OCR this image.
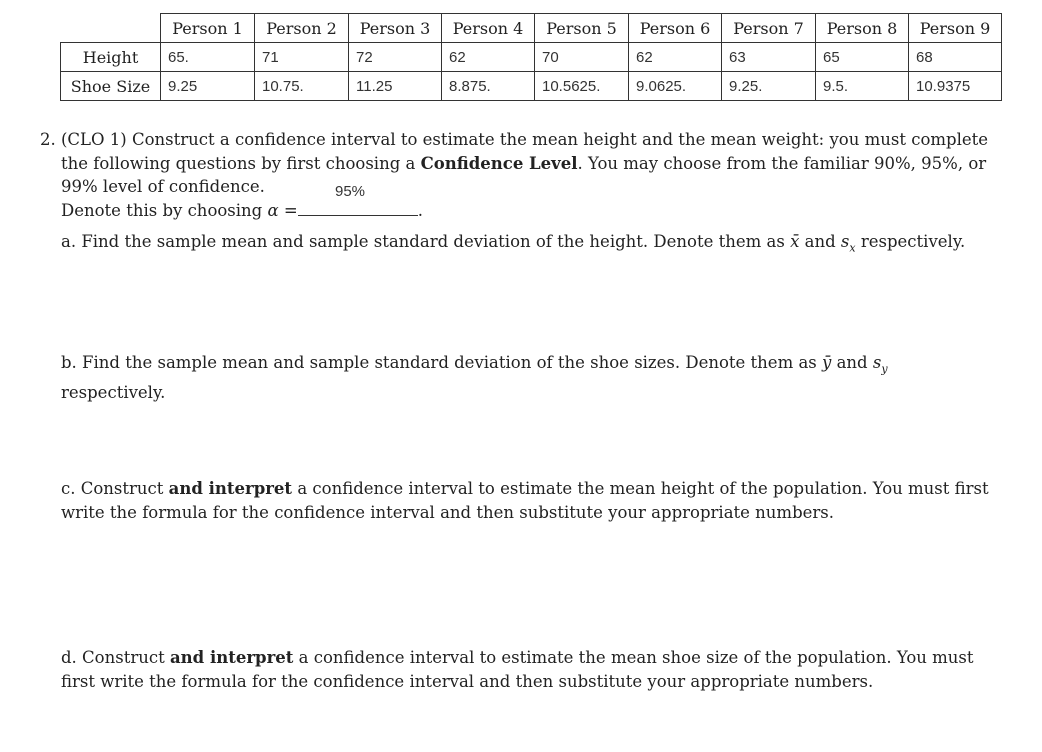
	Person 1	Person 2	Person 3	Person 4	Person 5	Person 6	Person 7	Person 8	Person 9
Height	65.	71	72	62	70	62	63	65	68
Shoe Size	9.25	10.75.	11.25	8.875.	10.5625.	9.0625.	9.25.	9.5.	10.9375
2. (CLO 1) Construct a confidence interval to estimate the mean height and the mean weight: you must complete the following questions by first choosing a Confidence Level. You may choose from the familiar 90%, 95%, or 99% level of confidence.
Denote this by choosing α =	.
95%
a. Find the sample mean and sample standard deviation of the height. Denote them as x̄ and $s_x$ respectively.
b. Find the sample mean and sample standard deviation of the shoe sizes. Denote them as ȳ and $s_y$ respectively.
c. Construct and interpret a confidence interval to estimate the mean height of the population. You must first write the formula for the confidence interval and then substitute your appropriate numbers.
d. Construct and interpret a confidence interval to estimate the mean shoe size of the population. You must first write the formula for the confidence interval and then substitute your appropriate numbers.
